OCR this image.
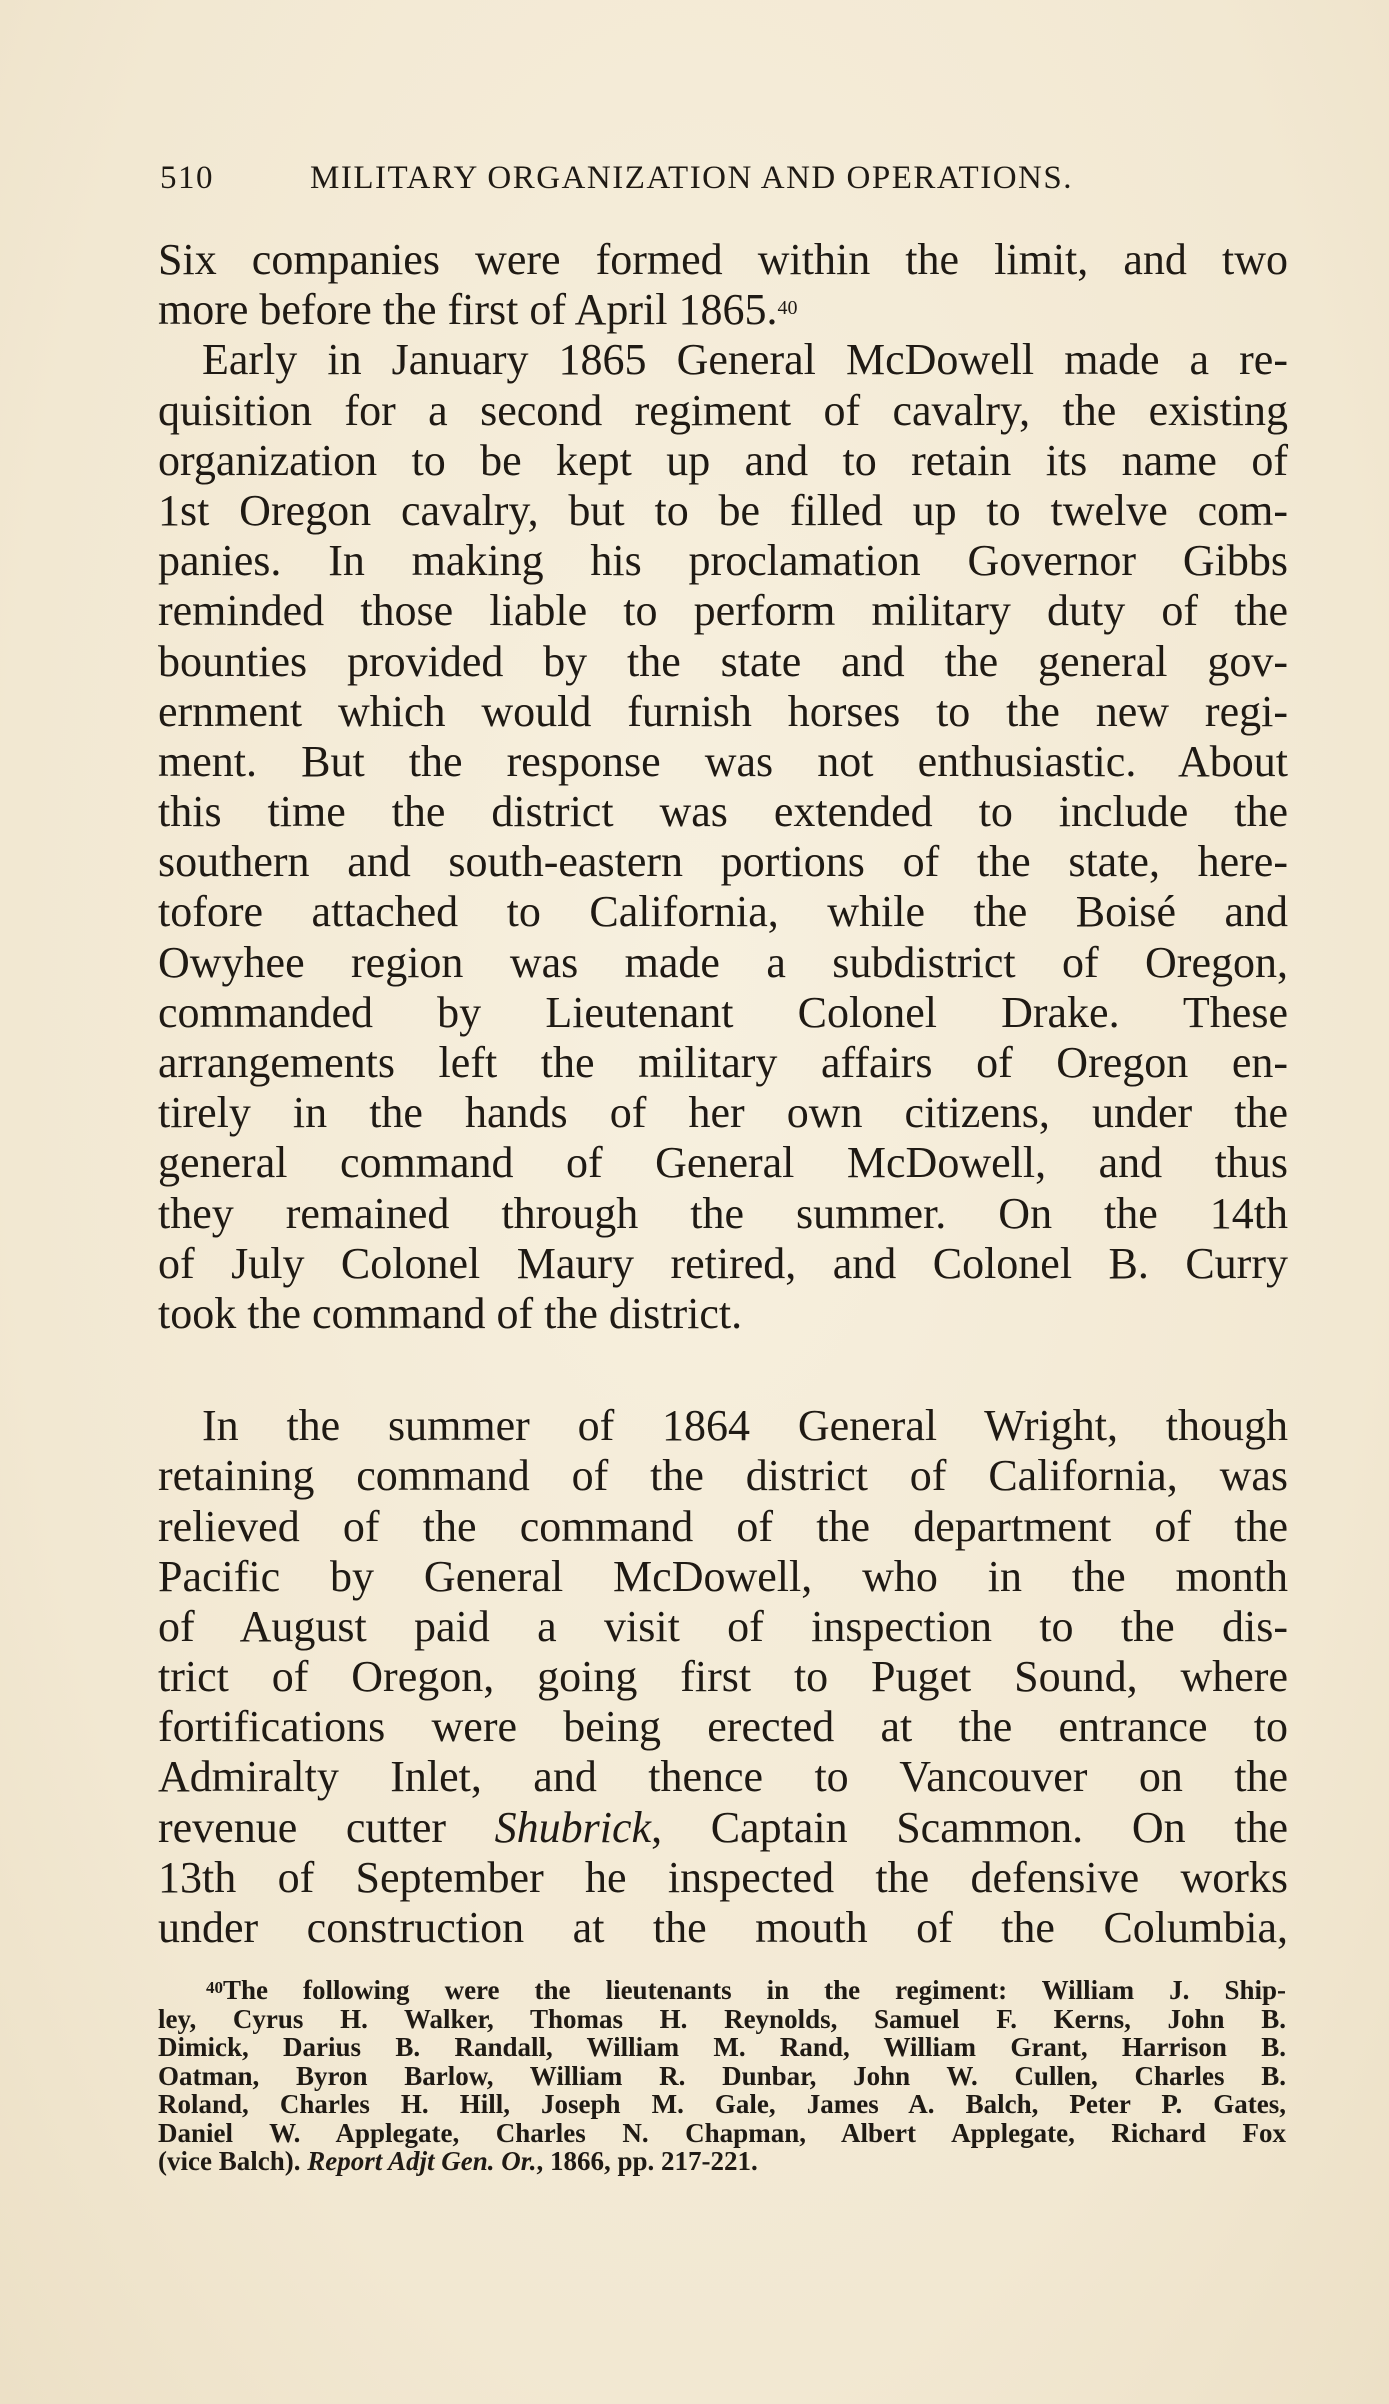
510	MILITARY ORGANIZATION AND OPERATIONS.
Six companies were formed within the limit, and two
more before the first of April 1865.40
Early in January 1865 General McDowell made a re-
quisition for a second regiment of cavalry, the existing
organization to be kept up and to retain its name of
1st Oregon cavalry, but to be filled up to twelve com-
panies. In making his proclamation Governor Gibbs
reminded those liable to perform military duty of the
bounties provided by the state and the general gov-
ernment which would furnish horses to the new regi-
ment. But the response was not enthusiastic. About
this time the district was extended to include the
southern and south-eastern portions of the state, here-
tofore attached to California, while the Boisé and
Owyhee region was made a subdistrict of Oregon,
commanded by Lieutenant Colonel Drake. These
arrangements left the military affairs of Oregon en-
tirely in the hands of her own citizens, under the
general command of General McDowell, and thus
they remained through the summer. On the 14th
of July Colonel Maury retired, and Colonel B. Curry
took the command of the district.
In the summer of 1864 General Wright, though
retaining command of the district of California, was
relieved of the command of the department of the
Pacific by General McDowell, who in the month
of August paid a visit of inspection to the dis-
trict of Oregon, going first to Puget Sound, where
fortifications were being erected at the entrance to
Admiralty Inlet, and thence to Vancouver on the
revenue cutter Shubrick, Captain Scammon. On the
13th of September he inspected the defensive works
under construction at the mouth of the Columbia,
$^{40}$The following were the lieutenants in the regiment: William J. Ship-
ley, Cyrus H. Walker, Thomas H. Reynolds, Samuel F. Kerns, John B.
Dimick, Darius B. Randall, William M. Rand, William Grant, Harrison B.
Oatman, Byron Barlow, William R. Dunbar, John W. Cullen, Charles B.
Roland, Charles H. Hill, Joseph M. Gale, James A. Balch, Peter P. Gates,
Daniel W. Applegate, Charles N. Chapman, Albert Applegate, Richard Fox
(vice Balch). Report Adjt Gen. Or., 1866, pp. 217-221.
